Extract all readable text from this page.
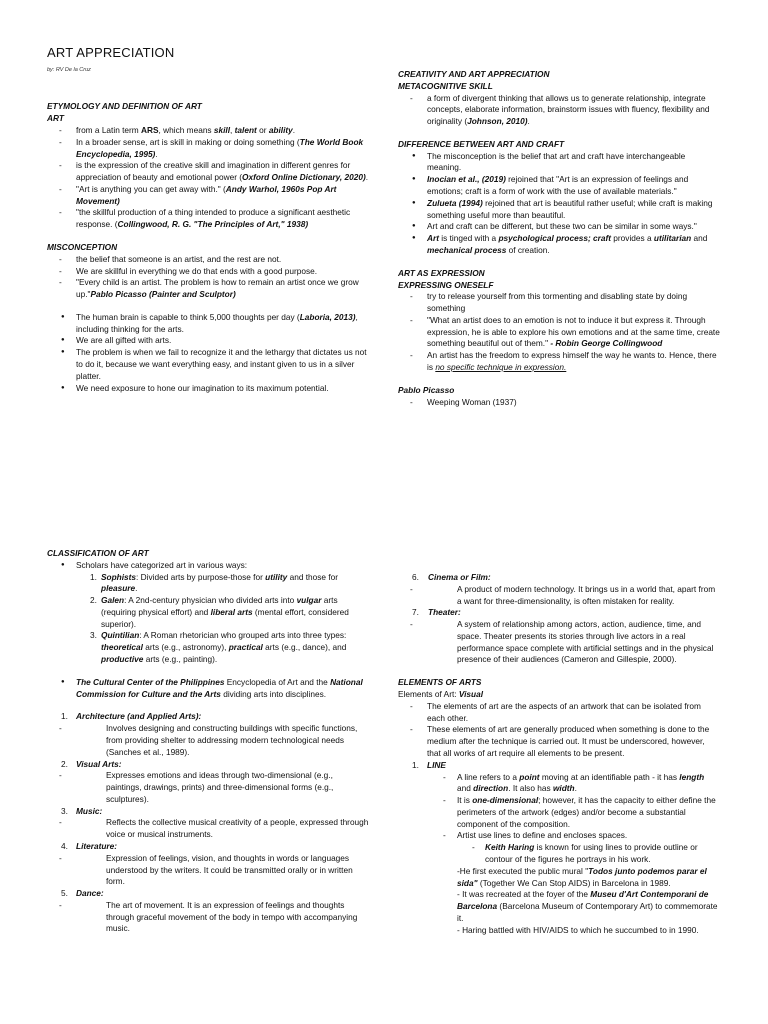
ART APPRECIATION
by: RV De la Cruz
ETYMOLOGY AND DEFINITION OF ART
ART
- from a Latin term ARS, which means skill, talent or ability.
- In a broader sense, art is skill in making or doing something (The World Book Encyclopedia, 1995).
- is the expression of the creative skill and imagination in different genres for appreciation of beauty and emotional power (Oxford Online Dictionary, 2020).
- "Art is anything you can get away with." (Andy Warhol, 1960s Pop Art Movement)
- "the skillful production of a thing intended to produce a significant aesthetic response. (Collingwood, R. G. "The Principles of Art," 1938)
MISCONCEPTION
- the belief that someone is an artist, and the rest are not.
- We are skillful in everything we do that ends with a good purpose.
- "Every child is an artist. The problem is how to remain an artist once we grow up."Pablo Picasso (Painter and Sculptor)
● The human brain is capable to think 5,000 thoughts per day (Laboria, 2013), including thinking for the arts.
● We are all gifted with arts.
● The problem is when we fail to recognize it and the lethargy that dictates us not to do it, because we want everything easy, and instant given to us in a silver platter.
● We need exposure to hone our imagination to its maximum potential.
CREATIVITY AND ART APPRECIATION
METACOGNITIVE SKILL
- a form of divergent thinking that allows us to generate relationship, integrate concepts, elaborate information, brainstorm issues with fluency, flexibility and originality (Johnson, 2010).
DIFFERENCE BETWEEN ART AND CRAFT
● The misconception is the belief that art and craft have interchangeable meaning.
● Inocian et al., (2019) rejoined that "Art is an expression of feelings and emotions; craft is a form of work with the use of available materials."
● Zulueta (1994) rejoined that art is beautiful rather useful; while craft is making something useful more than beautiful.
● Art and craft can be different, but these two can be similar in some ways."
● Art is tinged with a psychological process; craft provides a utilitarian and mechanical process of creation.
ART AS EXPRESSION
EXPRESSING ONESELF
- try to release yourself from this tormenting and disabling state by doing something
- "What an artist does to an emotion is not to induce it but express it. Through expression, he is able to explore his own emotions and at the same time, create something beautiful out of them." - Robin George Collingwood
- An artist has the freedom to express himself the way he wants to. Hence, there is no specific technique in expression.
Pablo Picasso
- Weeping Woman (1937)
CLASSIFICATION OF ART
● Scholars have categorized art in various ways:
1. Sophists: Divided arts by purpose-those for utility and those for pleasure.
2. Galen: A 2nd-century physician who divided arts into vulgar arts (requiring physical effort) and liberal arts (mental effort, considered superior).
3. Quintilian: A Roman rhetorician who grouped arts into three types: theoretical arts (e.g., astronomy), practical arts (e.g., dance), and productive arts (e.g., painting).
● The Cultural Center of the Philippines Encyclopedia of Art and the National Commission for Culture and the Arts dividing arts into disciplines.
1. Architecture (and Applied Arts):
- Involves designing and constructing buildings with specific functions, from providing shelter to addressing modern technological needs (Sanches et al., 1989).
2. Visual Arts:
- Expresses emotions and ideas through two-dimensional (e.g., paintings, drawings, prints) and three-dimensional forms (e.g., sculptures).
3. Music:
- Reflects the collective musical creativity of a people, expressed through voice or musical instruments.
4. Literature:
- Expression of feelings, vision, and thoughts in words or languages understood by the writers. It could be transmitted orally or in written form.
5. Dance:
- The art of movement. It is an expression of feelings and thoughts through graceful movement of the body in tempo with accompanying music.
6. Cinema or Film:
- A product of modern technology. It brings us in a world that, apart from a want for three-dimensionality, is often mistaken for reality.
7. Theater:
- A system of relationship among actors, action, audience, time, and space. Theater presents its stories through live actors in a real performance space complete with artificial settings and in the physical presence of their audiences (Cameron and Gillespie, 2000).
ELEMENTS OF ARTS
Elements of Art: Visual
- The elements of art are the aspects of an artwork that can be isolated from each other.
- These elements of art are generally produced when something is done to the medium after the technique is carried out. It must be underscored, however, that all works of art require all elements to be present.
1. LINE
- A line refers to a point moving at an identifiable path - it has length and direction. It also has width.
- It is one-dimensional; however, it has the capacity to either define the perimeters of the artwork (edges) and/or become a substantial component of the composition.
- Artist use lines to define and encloses spaces.
- Keith Haring is known for using lines to provide outline or contour of the figures he portrays in his work.
-He first executed the public mural "Todos junto podemos parar el sida" (Together We Can Stop AIDS) in Barcelona in 1989.
- It was recreated at the foyer of the Museu d'Art Contemporani de Barcelona (Barcelona Museum of Contemporary Art) to commemorate it.
- Haring battled with HIV/AIDS to which he succumbed to in 1990.
